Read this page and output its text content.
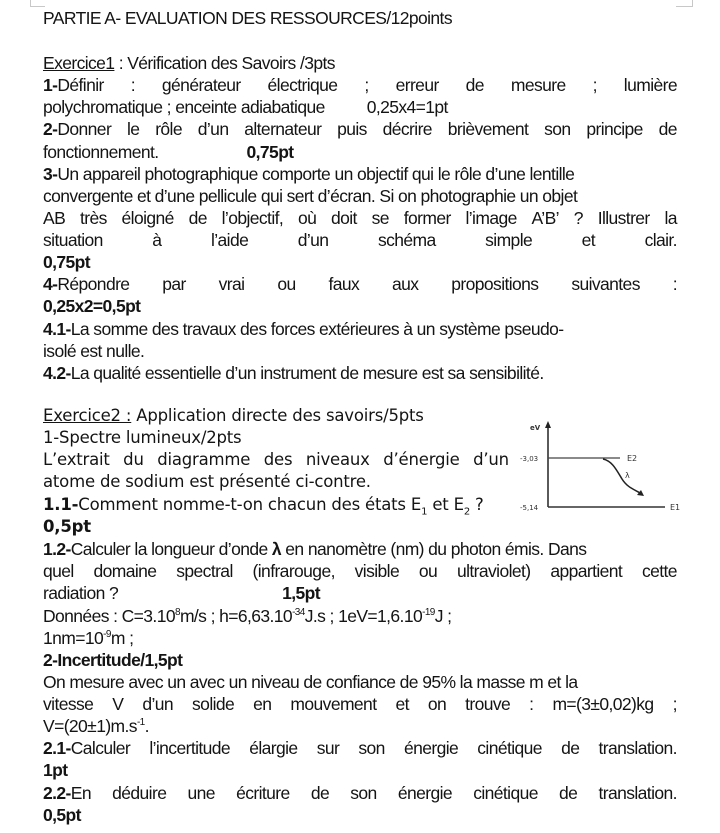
PARTIE A- EVALUATION DES RESSOURCES/12points
Exercice1 : Vérification des Savoirs /3pts
1-Définir : générateur électrique ; erreur de mesure ; lumière
polychromatique ; enceinte adiabatique 0,25x4=1pt
2-Donner le rôle d’un alternateur puis décrire brièvement son principe de
fonctionnement.	0,75pt
3-Un appareil photographique comporte un objectif qui le rôle d’une lentille
convergente et d’une pellicule qui sert d’écran. Si on photographie un objet
AB très éloigné de l’objectif, où doit se former l’image A’B’ ? Illustrer la
situation	à	l’aide	d’un	schéma	simple	et	clair.
0,75pt
4-Répondre par vrai ou faux aux propositions suivantes :
0,25x2=0,5pt
4.1-La somme des travaux des forces extérieures à un système pseudo-
isolé est nulle.
4.2-La qualité essentielle d’un instrument de mesure est sa sensibilité.
Exercice2 : Application directe des savoirs/5pts
1-Spectre lumineux/2pts
L’extrait du diagramme des niveaux d’énergie d’un
atome de sodium est présenté ci-contre.
1.1-Comment nomme-t-on chacun des états $E_1$ et $E_2$ ?
0,5pt
eV
-3,03	E2
-5,14	E1
λ
1.2-Calculer la longueur d’onde λ en nanomètre (nm) du photon émis. Dans
quel domaine spectral (infrarouge, visible ou ultraviolet) appartient cette
radiation ?	1,5pt
Données : $C=3.10^8m/s$ ; $h=6,63.10^{-34}J.s$ ; $1eV=1,6.10^{-19}J$ ;
$1nm=10^{-9}m$ ;
2-Incertitude/1,5pt
On mesure avec un avec un niveau de confiance de 95% la masse m et la
vitesse V d’un solide en mouvement et on trouve : m=(3±0,02)kg ;
$V=(20\pm 1)m.s^{-1}$.
2.1-Calculer l’incertitude élargie sur son énergie cinétique de translation.
1pt
2.2-En déduire une écriture de son énergie cinétique de translation.
0,5pt
